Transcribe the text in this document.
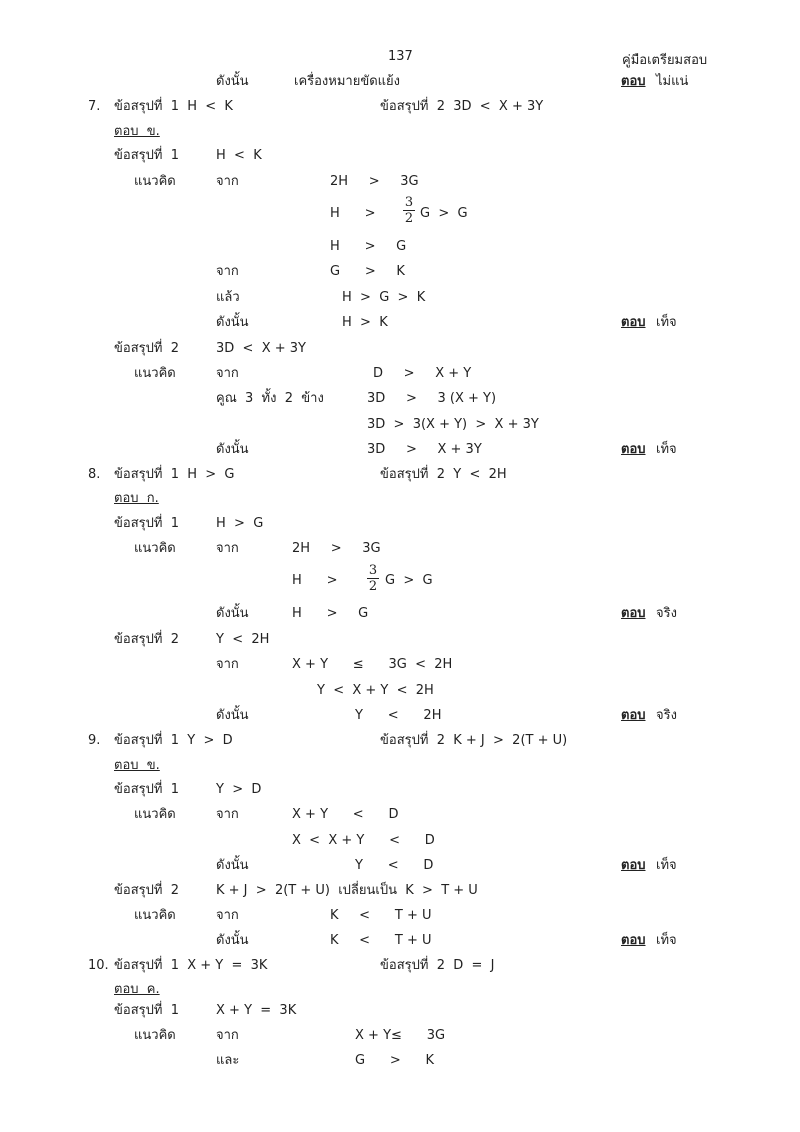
137	คู่มือเตรียมสอบ
ดังนั้น	เครื่องหมายขัดแย้ง	ตอบ ไม่แน่
7. ข้อสรุปที่  1  H  <  K	ข้อสรุปที่  2  3D  <  X + 3Y
ตอบ  ข.
ข้อสรุปที่  1	H  <  K
แนวคิด	จาก	2H     >     3G
H      > $\frac{3}{2}$ G  >  G
H      >     G
จาก	G      >     K
แล้ว	H  >  G  >  K
ดังนั้น	H  >  K	ตอบ เท็จ
ข้อสรุปที่  2	3D  <  X + 3Y
แนวคิด	จาก	D     >     X + Y
คูณ  3  ทั้ง  2  ข้าง	3D     >     3 (X + Y)
3D  >  3(X + Y)  >  X + 3Y
ดังนั้น	3D     >     X + 3Y	ตอบ เท็จ
8. ข้อสรุปที่  1  H  >  G	ข้อสรุปที่  2  Y  <  2H
ตอบ  ก.
ข้อสรุปที่  1	H  >  G
แนวคิด	จาก	2H     >     3G
H      > $\frac{3}{2}$ G  >  G
ดังนั้น	H      >     G	ตอบ จริง
ข้อสรุปที่  2	Y  <  2H
จาก	X + Y      ≤      3G  <  2H
Y  <  X + Y  <  2H
ดังนั้น	Y      <      2H	ตอบ จริง
9. ข้อสรุปที่  1  Y  >  D	ข้อสรุปที่  2  K + J  >  2(T + U)
ตอบ  ข.
ข้อสรุปที่  1	Y  >  D
แนวคิด	จาก	X + Y      <      D
X  <  X + Y      <      D
ดังนั้น	Y      <      D	ตอบ เท็จ
ข้อสรุปที่  2	K + J  >  2(T + U)  เปลี่ยนเป็น  K  >  T + U
แนวคิด	จาก	K     <      T + U
ดังนั้น	K     <      T + U	ตอบ เท็จ
10. ข้อสรุปที่  1  X + Y  =  3K	ข้อสรุปที่  2  D  =  J
ตอบ  ค.
ข้อสรุปที่  1	X + Y  =  3K
แนวคิด	จาก	X + Y≤      3G
และ	G      >      K
